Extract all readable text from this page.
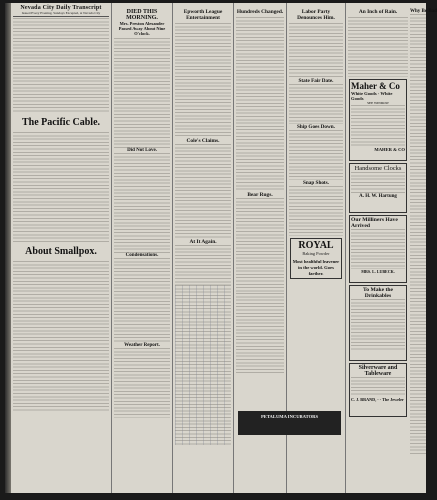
Nevada City Daily Transcript
Issued Every Evening, Sundays Excepted, at Nevada City
The Pacific Cable.
About Smallpox.
DIED THIS MORNING.
Mrs. Preston Alexander Passed Away About Nine O'clock.
Did Not Love.
Condensations.
Weather Report.
Epworth League Entertainment
Cole's Claims.
At It Again.
Hundreds Changed.
Bear Rugs.
Labor Party Denounces Him.
State Fair Date.
Ship Goes Down.
Snap Shots.
ROYAL
Baking Powder
Most healthful leavener in the world. Goes farther.
PETALUMA INCUBATORS
An Inch of Rain.
Maher & Co
White Goods · White Goods
SEE WINDOW
MAHER & CO
Handsome Clocks
A. H. W. Hartung
Our Milliners Have Arrived
MRS. L. LUBECK.
To Make the Drinkables
Silverware and Tableware
C. J. BRAND, - - The Jeweler
Why Be Bad
